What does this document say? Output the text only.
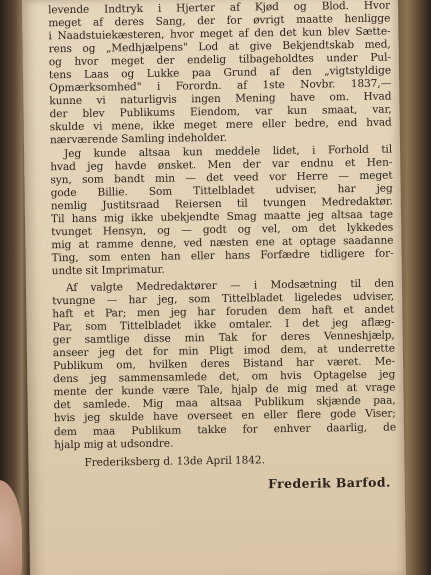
levende Indtryk i Hjerter af Kjød og Blod. Hvor
meget af deres Sang, der for øvrigt maatte henligge
i Naadstuiekæsteren, hvor meget af den det kun blev Sætte-
rens og „Medhjælpens" Lod at give Bekjendtskab med,
og hvor meget der endelig tilbageholdtes under Pul-
tens Laas og Lukke paa Grund af den „vigtstyldige
Opmærksomhed" i Forordn. af 1ste Novbr. 1837,—
kunne vi naturligvis ingen Mening have om. Hvad
der blev Publikums Eiendom, var kun smaat, var,
skulde vi mene, ikke meget mere eller bedre, end hvad
nærværende Samling indeholder.
Jeg kunde altsaa kun meddele lidet, i Forhold til
hvad jeg havde ønsket. Men der var endnu et Hen-
syn, som bandt min — det veed vor Herre — meget
gode Billie. Som Tittelbladet udviser, har jeg
nemlig Justitsraad Reiersen til tvungen Medredaktør.
Til hans mig ikke ubekjendte Smag maatte jeg altsaa tage
tvunget Hensyn, og — godt og vel, om det lykkedes
mig at ramme denne, ved næsten ene at optage saadanne
Ting, som enten han eller hans Forfædre tidligere for-
undte sit Imprimatur.
Af valgte Medredaktører — i Modsætning til den
tvungne — har jeg, som Tittelbladet ligeledes udviser,
haft et Par; men jeg har foruden dem haft et andet
Par, som Tittelbladet ikke omtaler. I det jeg aflæg-
ger samtlige disse min Tak for deres Venneshjælp,
anseer jeg det for min Pligt imod dem, at underrette
Publikum om, hvilken deres Bistand har været. Me-
dens jeg sammensamlede det, om hvis Optagelse jeg
mente der kunde være Tale, hjalp de mig med at vrage
det samlede. Mig maa altsaa Publikum skjænde paa,
hvis jeg skulde have overseet en eller flere gode Viser;
dem maa Publikum takke for enhver daarlig, de
hjalp mig at udsondre.
Frederiksberg d. 13de April 1842.
Frederik Barfod.
